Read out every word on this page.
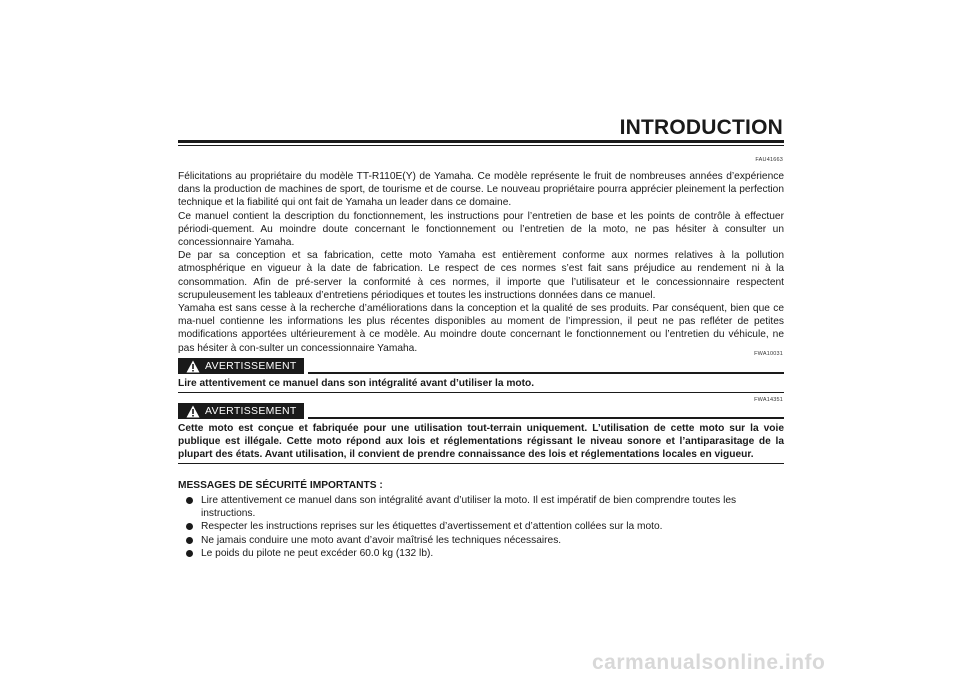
INTRODUCTION
FAU41663

Félicitations au propriétaire du modèle TT-R110E(Y) de Yamaha. Ce modèle représente le fruit de nombreuses années d’expérience dans la production de machines de sport, de tourisme et de course. Le nouveau propriétaire pourra apprécier pleinement la perfection technique et la fiabilité qui ont fait de Yamaha un leader dans ce domaine.

Ce manuel contient la description du fonctionnement, les instructions pour l’entretien de base et les points de contrôle à effectuer périodi-quement. Au moindre doute concernant le fonctionnement ou l’entretien de la moto, ne pas hésiter à consulter un concessionnaire Yamaha.

De par sa conception et sa fabrication, cette moto Yamaha est entièrement conforme aux normes relatives à la pollution atmosphérique en vigueur à la date de fabrication. Le respect de ces normes s’est fait sans préjudice au rendement ni à la consommation. Afin de pré-server la conformité à ces normes, il importe que l’utilisateur et le concessionnaire respectent scrupuleusement les tableaux d’entretiens périodiques et toutes les instructions données dans ce manuel.

Yamaha est sans cesse à la recherche d’améliorations dans la conception et la qualité de ses produits. Par conséquent, bien que ce ma-nuel contienne les informations les plus récentes disponibles au moment de l’impression, il peut ne pas refléter de petites modifications apportées ultérieurement à ce modèle. Au moindre doute concernant le fonctionnement ou l’entretien du véhicule, ne pas hésiter à con-sulter un concessionnaire Yamaha.

FWA10031
AVERTISSEMENT

Lire attentivement ce manuel dans son intégralité avant d’utiliser la moto.

FWA14351
AVERTISSEMENT

Cette moto est conçue et fabriquée pour une utilisation tout-terrain uniquement. L’utilisation de cette moto sur la voie publique est illégale. Cette moto répond aux lois et réglementations régissant le niveau sonore et l’antiparasitage de la plupart des états. Avant utilisation, il convient de prendre connaissance des lois et réglementations locales en vigueur.

MESSAGES DE SÉCURITÉ IMPORTANTS :

Lire attentivement ce manuel dans son intégralité avant d’utiliser la moto. Il est impératif de bien comprendre toutes les instructions.
Respecter les instructions reprises sur les étiquettes d’avertissement et d’attention collées sur la moto.
Ne jamais conduire une moto avant d’avoir maîtrisé les techniques nécessaires.
Le poids du pilote ne peut excéder 60.0 kg (132 lb).
carmanualsonline.info
